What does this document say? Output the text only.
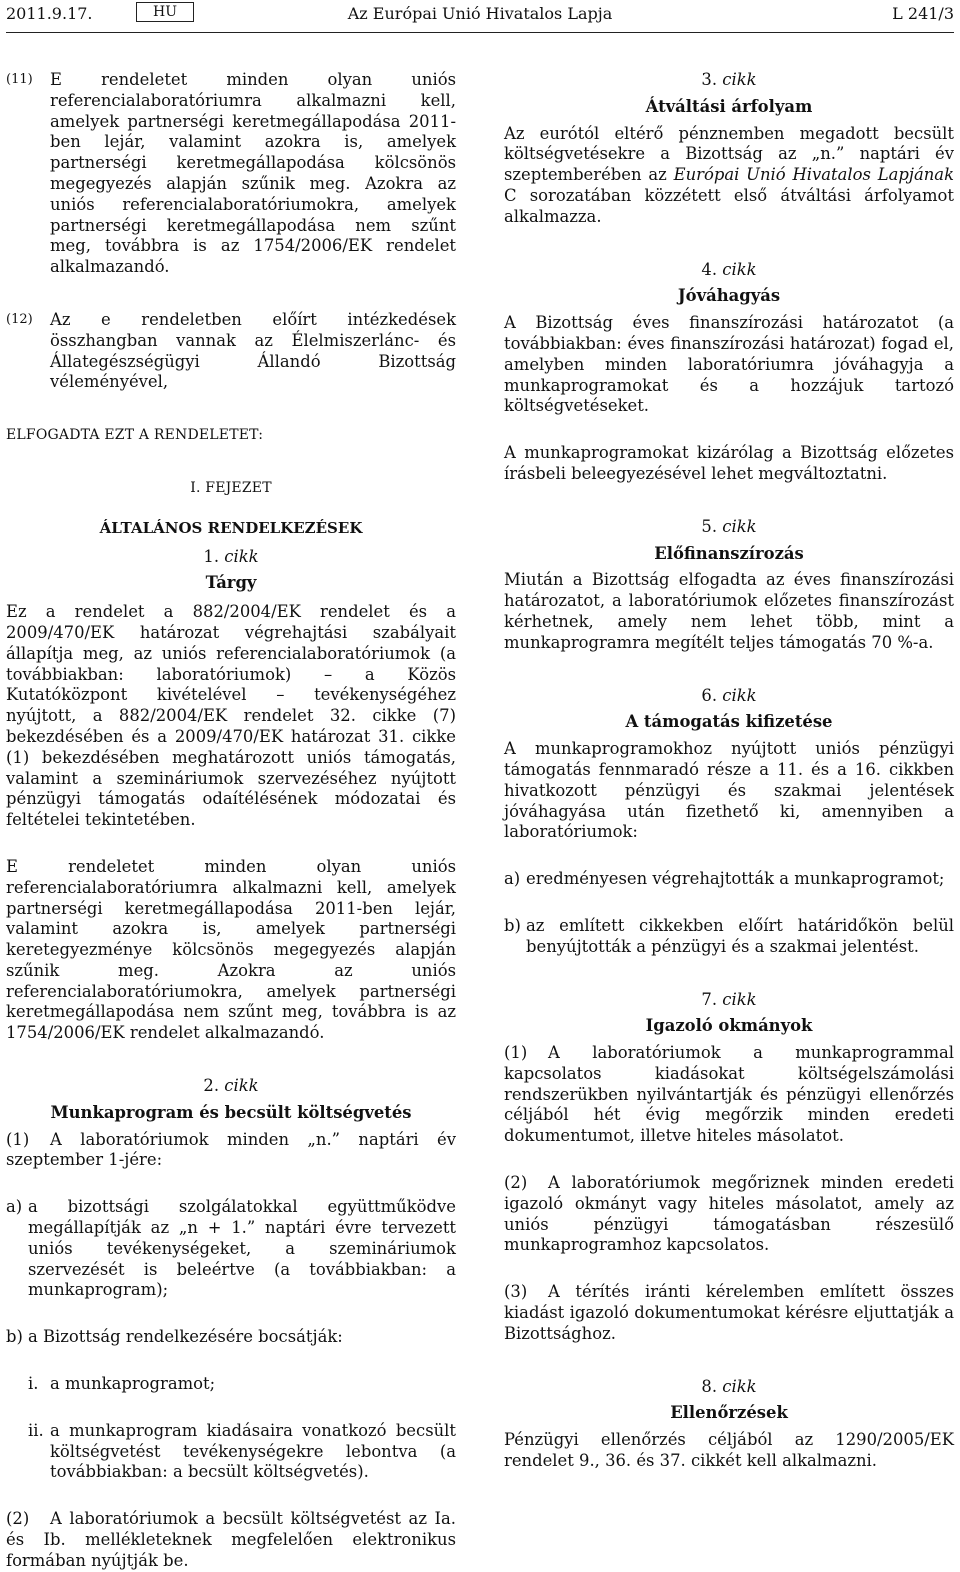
2011.9.17.	HU	Az Európai Unió Hivatalos Lapja	L 241/3
(11) E rendeletet minden olyan uniós referencialaboratóriumra alkalmazni kell, amelyek partnerségi keretmegállapodása 2011-ben lejár, valamint azokra is, amelyek partnerségi keretmegállapodása kölcsönös megegyezés alapján szűnik meg. Azokra az uniós referencialaboratóriumokra, amelyek partnerségi keretmegállapodása nem szűnt meg, továbbra is az 1754/2006/EK rendelet alkalmazandó.
(12) Az e rendeletben előírt intézkedések összhangban vannak az Élelmiszerlánc- és Állategészségügyi Állandó Bizottság véleményével,

ELFOGADTA EZT A RENDELETET:

I. FEJEZET

ÁLTALÁNOS RENDELKEZÉSEK

1. cikk

Tárgy

Ez a rendelet a 882/2004/EK rendelet és a 2009/470/EK határozat végrehajtási szabályait állapítja meg, az uniós referencialaboratóriumok (a továbbiakban: laboratóriumok) – a Közös Kutatóközpont kivételével – tevékenységéhez nyújtott, a 882/2004/EK rendelet 32. cikke (7) bekezdésében és a 2009/470/EK határozat 31. cikke (1) bekezdésében meghatározott uniós támogatás, valamint a szemináriumok szervezéséhez nyújtott pénzügyi támogatás odaítélésének módozatai és feltételei tekintetében.

E rendeletet minden olyan uniós referencialaboratóriumra alkalmazni kell, amelyek partnerségi keretmegállapodása 2011-ben lejár, valamint azokra is, amelyek partnerségi keretegyezménye kölcsönös megegyezés alapján szűnik meg. Azokra az uniós referencialaboratóriumokra, amelyek partnerségi keretmegállapodása nem szűnt meg, továbbra is az 1754/2006/EK rendelet alkalmazandó.

2. cikk

Munkaprogram és becsült költségvetés

(1) A laboratóriumok minden „n.” naptári év szeptember 1-jére:

a) a bizottsági szolgálatokkal együttműködve megállapítják az „n + 1.” naptári évre tervezett uniós tevékenységeket, a szemináriumok szervezését is beleértve (a továbbiakban: a munkaprogram);
b) a Bizottság rendelkezésére bocsátják:
i. a munkaprogramot;
ii. a munkaprogram kiadásaira vonatkozó becsült költségvetést tevékenységekre lebontva (a továbbiakban: a becsült költségvetés).

(2) A laboratóriumok a becsült költségvetést az Ia. és Ib. mellékleteknek megfelelően elektronikus formában nyújtják be.

3. cikk

Átváltási árfolyam

Az eurótól eltérő pénznemben megadott becsült költségvetésekre a Bizottság az „n.” naptári év szeptemberében az Európai Unió Hivatalos Lapjának C sorozatában közzétett első átváltási árfolyamot alkalmazza.

4. cikk

Jóváhagyás

A Bizottság éves finanszírozási határozatot (a továbbiakban: éves finanszírozási határozat) fogad el, amelyben minden laboratóriumra jóváhagyja a munkaprogramokat és a hozzájuk tartozó költségvetéseket.

A munkaprogramokat kizárólag a Bizottság előzetes írásbeli beleegyezésével lehet megváltoztatni.

5. cikk

Előfinanszírozás

Miután a Bizottság elfogadta az éves finanszírozási határozatot, a laboratóriumok előzetes finanszírozást kérhetnek, amely nem lehet több, mint a munkaprogramra megítélt teljes támogatás 70 %-a.

6. cikk

A támogatás kifizetése

A munkaprogramokhoz nyújtott uniós pénzügyi támogatás fennmaradó része a 11. és a 16. cikkben hivatkozott pénzügyi és szakmai jelentések jóváhagyása után fizethető ki, amennyiben a laboratóriumok:

a) eredményesen végrehajtották a munkaprogramot;
b) az említett cikkekben előírt határidőkön belül benyújtották a pénzügyi és a szakmai jelentést.

7. cikk

Igazoló okmányok

(1) A laboratóriumok a munkaprogrammal kapcsolatos kiadásokat költségelszámolási rendszerükben nyilvántartják és pénzügyi ellenőrzés céljából hét évig megőrzik minden eredeti dokumentumot, illetve hiteles másolatot.

(2) A laboratóriumok megőriznek minden eredeti igazoló okmányt vagy hiteles másolatot, amely az uniós pénzügyi támogatásban részesülő munkaprogramhoz kapcsolatos.

(3) A térítés iránti kérelemben említett összes kiadást igazoló dokumentumokat kérésre eljuttatják a Bizottsághoz.

8. cikk

Ellenőrzések

Pénzügyi ellenőrzés céljából az 1290/2005/EK rendelet 9., 36. és 37. cikkét kell alkalmazni.
